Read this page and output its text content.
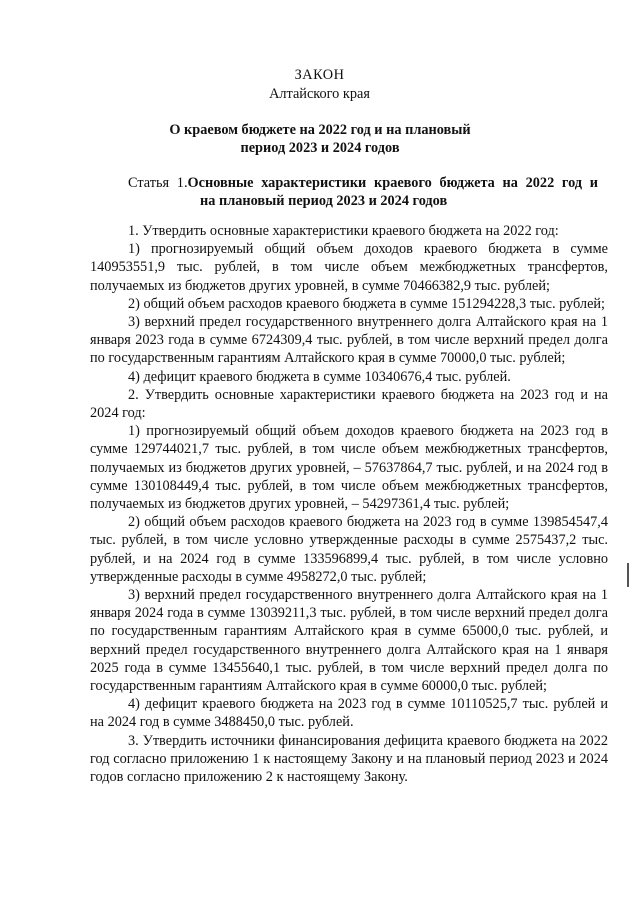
ЗАКОН
Алтайского края
О краевом бюджете на 2022 год и на плановый
период 2023 и 2024 годов
Статья 1.Основные характеристики краевого бюджета на 2022 год и
на плановый период 2023 и 2024 годов

1. Утвердить основные характеристики краевого бюджета на 2022 год:

1) прогнозируемый общий объем доходов краевого бюджета в сумме 140953551,9 тыс. рублей, в том числе объем межбюджетных трансфертов, получаемых из бюджетов других уровней, в сумме 70466382,9 тыс. рублей;

2) общий объем расходов краевого бюджета в сумме 151294228,3 тыс. рублей;

3) верхний предел государственного внутреннего долга Алтайского края на 1 января 2023 года в сумме 6724309,4 тыс. рублей, в том числе верхний предел долга по государственным гарантиям Алтайского края в сумме 70000,0 тыс. рублей;

4) дефицит краевого бюджета в сумме 10340676,4 тыс. рублей.

2. Утвердить основные характеристики краевого бюджета на 2023 год и на 2024 год:

1) прогнозируемый общий объем доходов краевого бюджета на 2023 год в сумме 129744021,7 тыс. рублей, в том числе объем межбюджетных трансфертов, получаемых из бюджетов других уровней, – 57637864,7 тыс. рублей, и на 2024 год в сумме 130108449,4 тыс. рублей, в том числе объем межбюджетных трансфертов, получаемых из бюджетов других уровней, – 54297361,4 тыс. рублей;

2) общий объем расходов краевого бюджета на 2023 год в сумме 139854547,4 тыс. рублей, в том числе условно утвержденные расходы в сумме 2575437,2 тыс. рублей, и на 2024 год в сумме 133596899,4 тыс. рублей, в том числе условно утвержденные расходы в сумме 4958272,0 тыс. рублей;

3) верхний предел государственного внутреннего долга Алтайского края на 1 января 2024 года в сумме 13039211,3 тыс. рублей, в том числе верхний предел долга по государственным гарантиям Алтайского края в сумме 65000,0 тыс. рублей, и верхний предел государственного внутреннего долга Алтайского края на 1 января 2025 года в сумме 13455640,1 тыс. рублей, в том числе верхний предел долга по государственным гарантиям Алтайского края в сумме 60000,0 тыс. рублей;

4) дефицит краевого бюджета на 2023 год в сумме 10110525,7 тыс. рублей и на 2024 год в сумме 3488450,0 тыс. рублей.

3. Утвердить источники финансирования дефицита краевого бюджета на 2022 год согласно приложению 1 к настоящему Закону и на плановый период 2023 и 2024 годов согласно приложению 2 к настоящему Закону.
